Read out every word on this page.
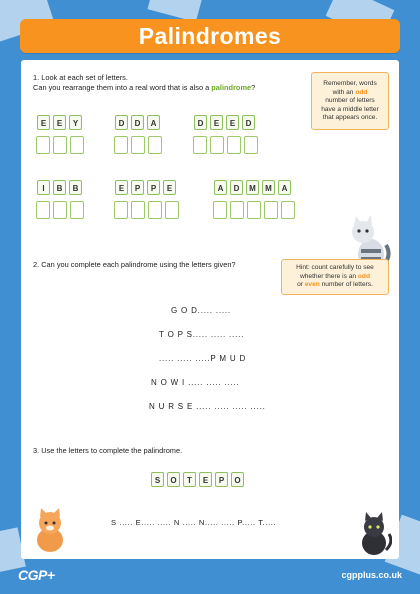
Palindromes
1. Look at each set of letters.
Can you rearrange them into a real word that is also a palindrome?	Remember, words
with an odd
number of letters
have a middle letter
that appears once.
E	E	Y	D	D	A	D	E	E	D
I	B	B	E	P	P	E	A	D	M	M	A
2. Can you complete each palindrome using the letters given?	Hint: count carefully to see
whether there is an odd
or even number of letters.
G O D..... .....
T O P S..... ..... .....
..... ..... .....P M U D
N O W I ..... ..... .....
N U R S E ..... ..... ..... .....
3. Use the letters to complete the palindrome.
S	O	T	E	P	O
S ..... E..... ..... N ..... N..... ..... P..... T.....
CGP+	cgpplus.co.uk
